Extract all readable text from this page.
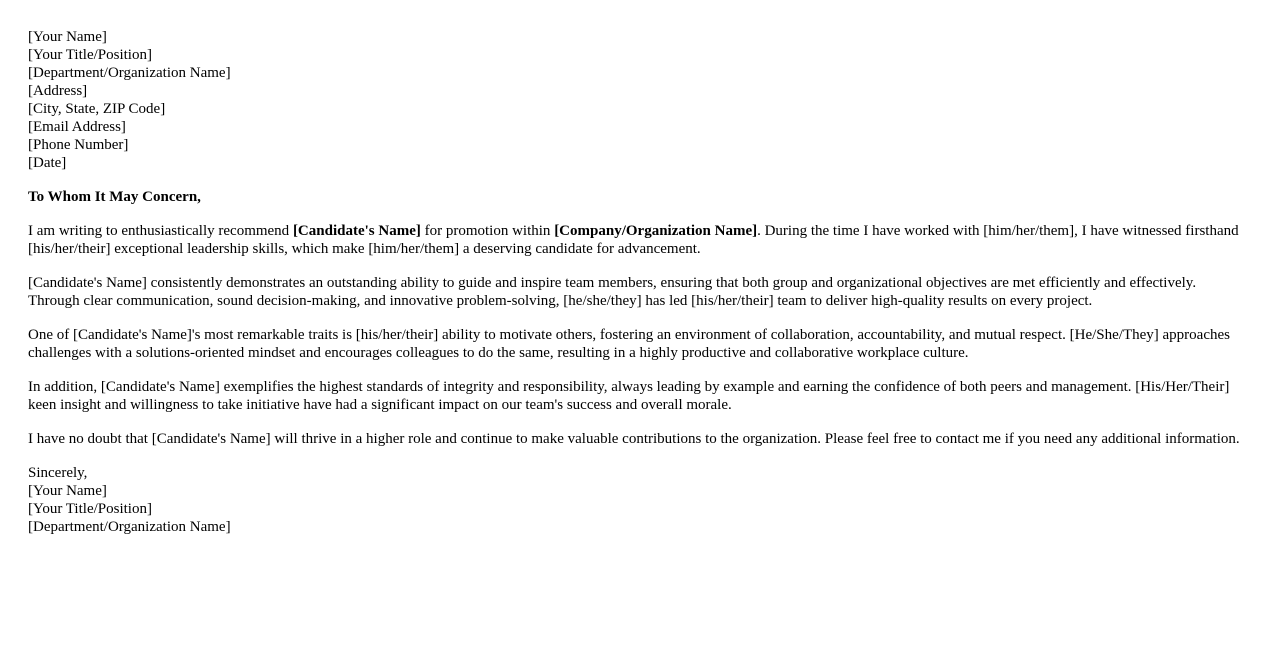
[Your Name]
[Your Title/Position]
[Department/Organization Name]
[Address]
[City, State, ZIP Code]
[Email Address]
[Phone Number]
[Date]

To Whom It May Concern,

I am writing to enthusiastically recommend [Candidate's Name] for promotion within [Company/Organization Name]. During the time I have worked with [him/her/them], I have witnessed firsthand [his/her/their] exceptional leadership skills, which make [him/her/them] a deserving candidate for advancement.

[Candidate's Name] consistently demonstrates an outstanding ability to guide and inspire team members, ensuring that both group and organizational objectives are met efficiently and effectively. Through clear communication, sound decision-making, and innovative problem-solving, [he/she/they] has led [his/her/their] team to deliver high-quality results on every project.

One of [Candidate's Name]'s most remarkable traits is [his/her/their] ability to motivate others, fostering an environment of collaboration, accountability, and mutual respect. [He/She/They] approaches challenges with a solutions-oriented mindset and encourages colleagues to do the same, resulting in a highly productive and collaborative workplace culture.

In addition, [Candidate's Name] exemplifies the highest standards of integrity and responsibility, always leading by example and earning the confidence of both peers and management. [His/Her/Their] keen insight and willingness to take initiative have had a significant impact on our team's success and overall morale.

I have no doubt that [Candidate's Name] will thrive in a higher role and continue to make valuable contributions to the organization. Please feel free to contact me if you need any additional information.

Sincerely,
[Your Name]
[Your Title/Position]
[Department/Organization Name]
